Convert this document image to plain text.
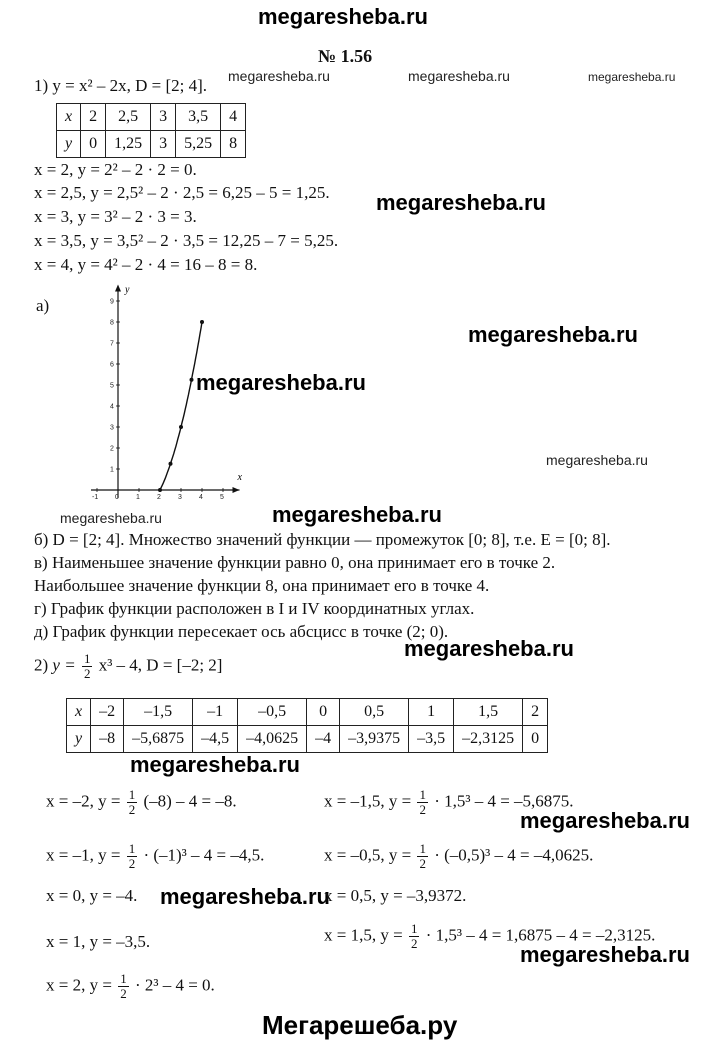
megaresheba.ru
megaresheba.ru	megaresheba.ru	megaresheba.ru
megaresheba.ru
megaresheba.ru
megaresheba.ru
megaresheba.ru
megaresheba.ru	megaresheba.ru
megaresheba.ru
megaresheba.ru
megaresheba.ru
megaresheba.ru
megaresheba.ru
Мегарешеба.ру
№ 1.56
1) y = x² – 2x, D = [2; 4].
x	2	2,5	3	3,5	4
y	0	1,25	3	5,25	8
x = 2, y = 2² – 2 · 2 = 0.
x = 2,5, y = 2,5² – 2 · 2,5 = 6,25 – 5 = 1,25.
x = 3, y = 3² – 2 · 3 = 3.
x = 3,5, y = 3,5² – 2 · 3,5 = 12,25 – 7 = 5,25.
x = 4, y = 4² – 2 · 4 = 16 – 8 = 8.
а)
x
y
-1 0 1 2 3 4 5
1
2
3
4
5
6
7
8
9
б) D = [2; 4]. Множество значений функции — промежуток [0; 8], т.е. E = [0; 8].
в) Наименьшее значение функции равно 0, она принимает его в точке 2.
Наибольшее значение функции 8, она принимает его в точке 4.
г) График функции расположен в I и IV координатных углах.
д) График функции пересекает ось абсцисс в точке (2; 0).
2) $y = \frac{1}{2} x^3 - 4$, D = [–2; 2]
x	–2	–1,5	–1	–0,5	0	0,5	1	1,5	2
y	–8	–5,6875	–4,5	–4,0625	–4	–3,9375	–3,5	–2,3125	0
x = –2, $y = \frac{1}{2} (-8) - 4 = -8$.	x = –1,5, $y = \frac{1}{2} \cdot 1,5^3 - 4 = -5,6875$.
x = –1, $y = \frac{1}{2} \cdot (-1)^3 - 4 = -4,5$.	x = –0,5, $y = \frac{1}{2} \cdot (-0,5)^3 - 4 = -4,0625$.
x = 0, y = –4.	x = 0,5, y = –3,9372.
x = 1, y = –3,5.	x = 1,5, $y = \frac{1}{2} \cdot 1,5^3 - 4 = 1,6875 - 4 = -2,3125$.
x = 2, $y = \frac{1}{2} \cdot 2^3 - 4 = 0$.
